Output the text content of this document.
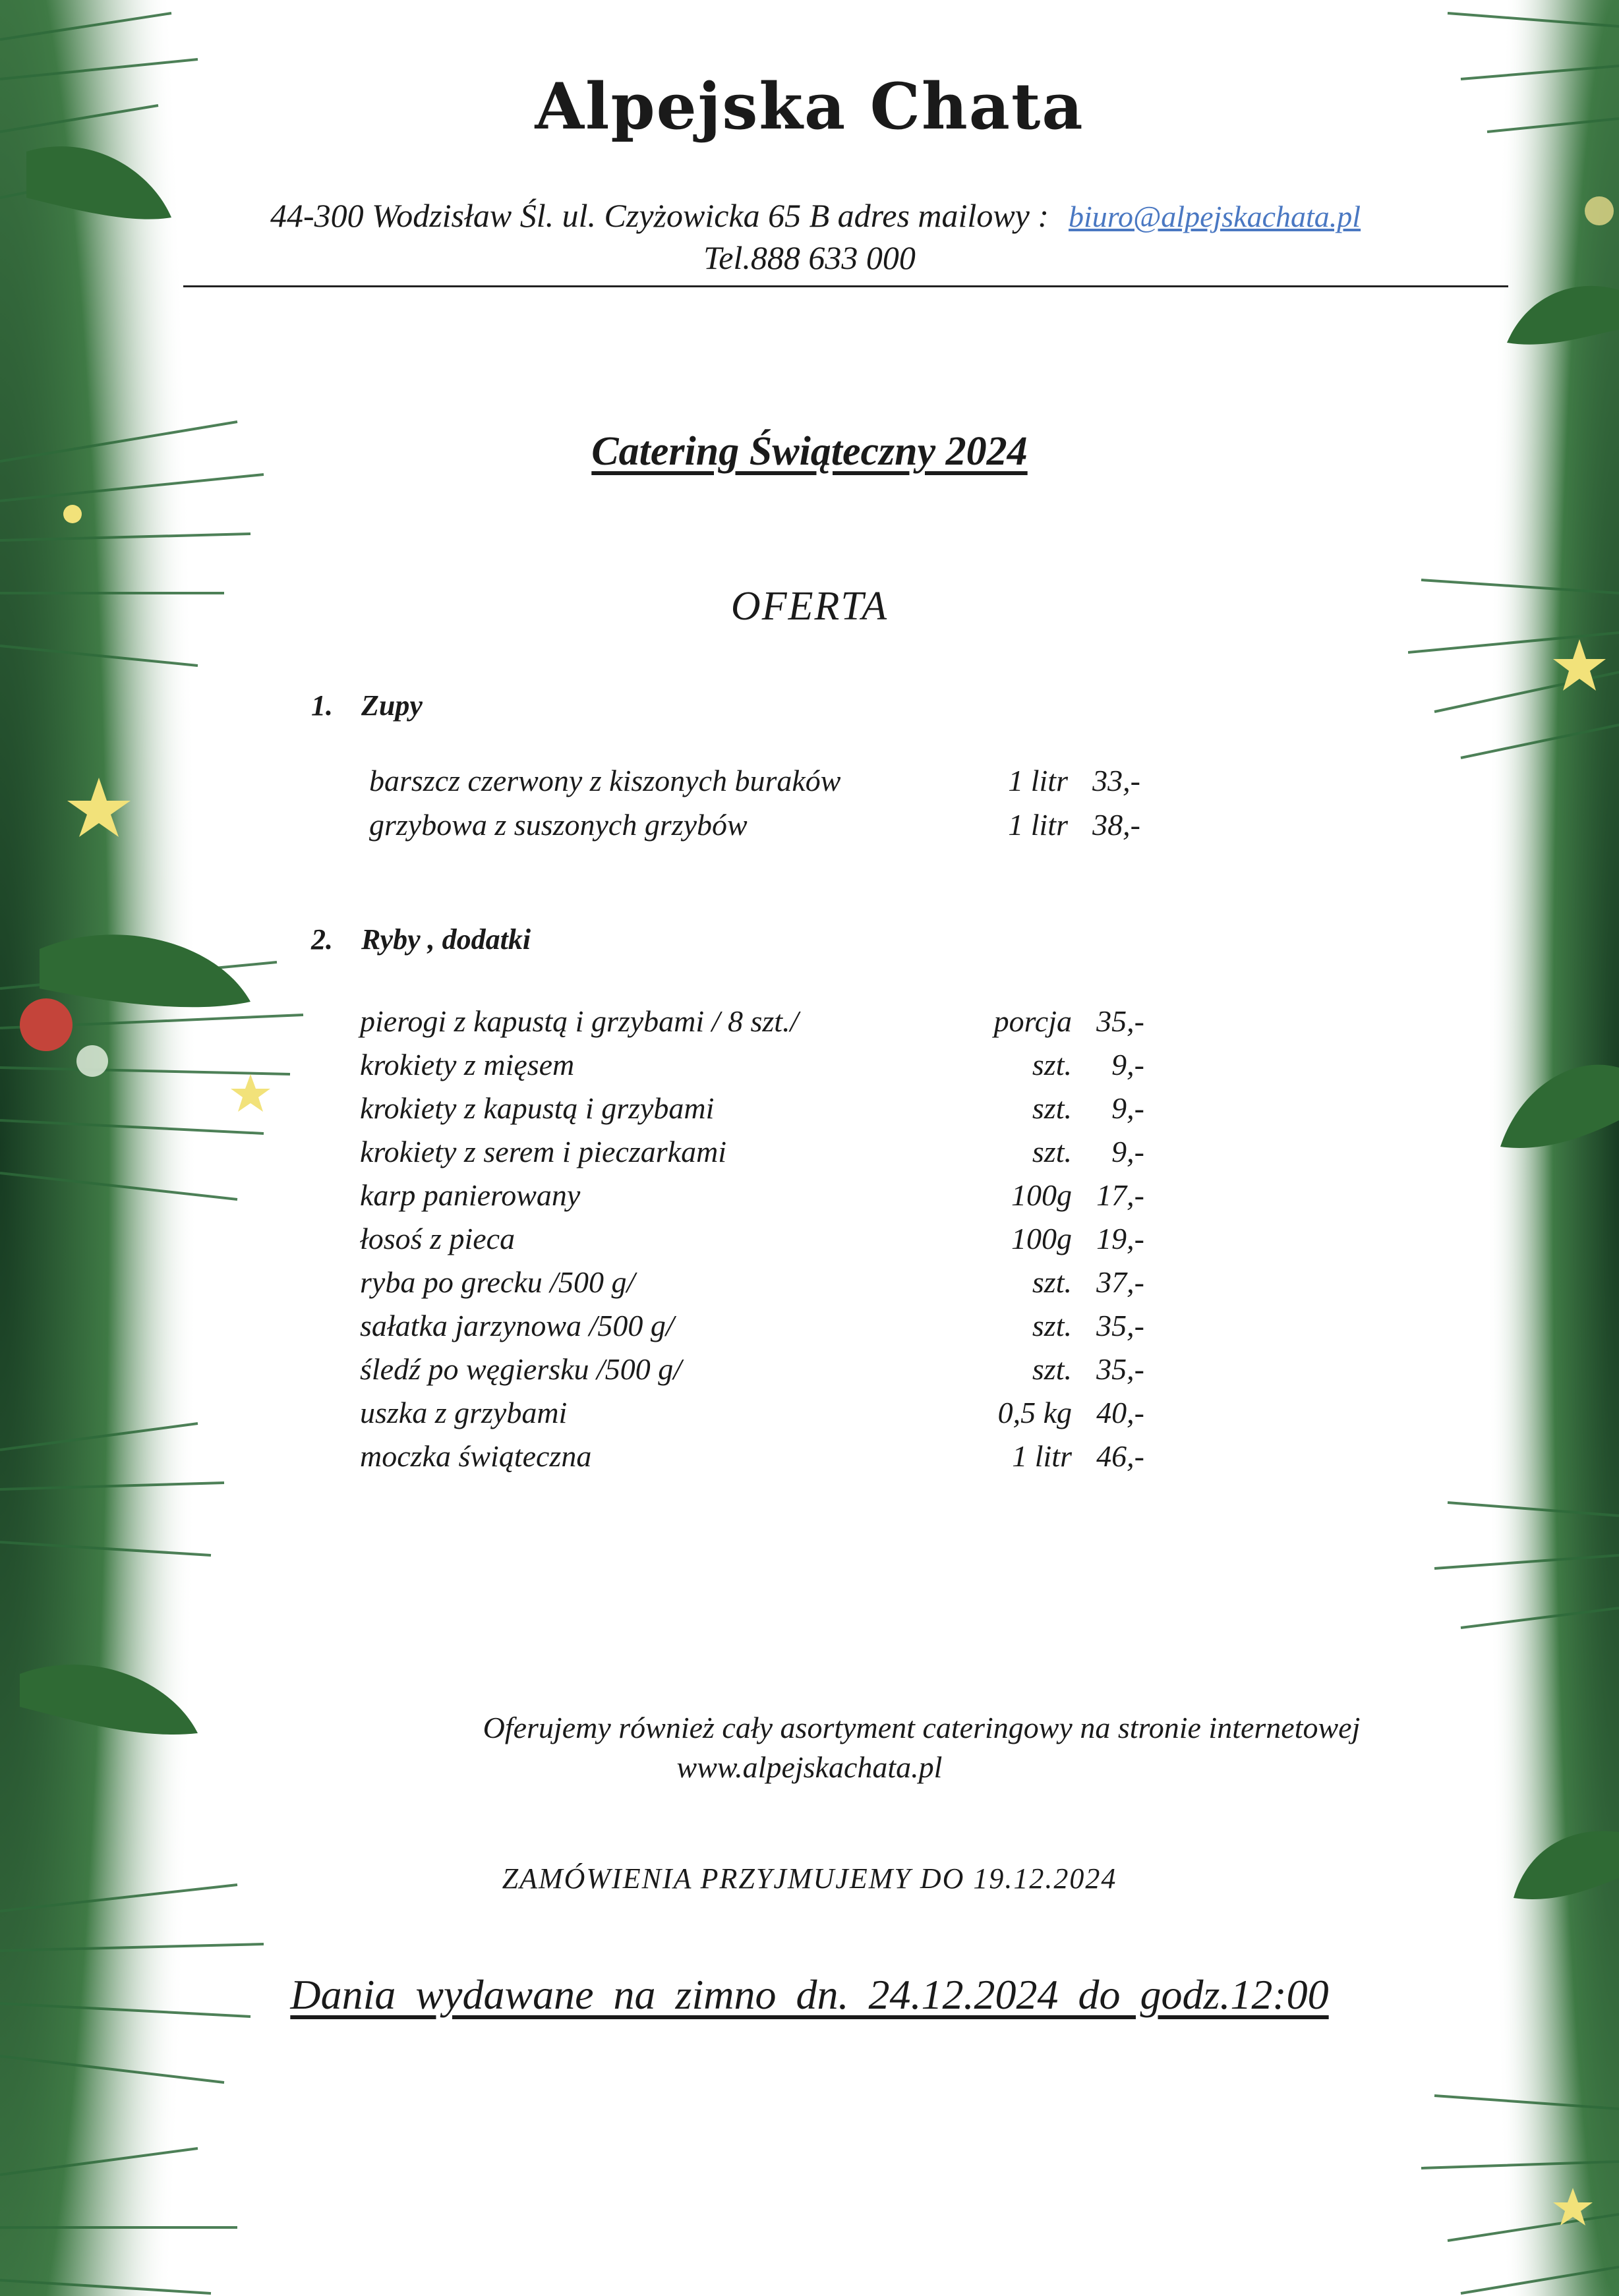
Alpejska Chata
44-300 Wodzisław Śl. ul. Czyżowicka 65 B adres mailowy : biuro@alpejskachata.pl
Tel.888 633 000
Catering Świąteczny 2024
OFERTA
1. Zupy
barszcz czerwony z kiszonych buraków	1 litr 33,-
grzybowa z suszonych grzybów	1 litr 38,-
2. Ryby , dodatki
pierogi z kapustą i grzybami / 8 szt./	porcja 35,-
krokiety z mięsem	szt.	9,-
krokiety z kapustą i grzybami	szt.	9,-
krokiety z serem i pieczarkami	szt.	9,-
karp panierowany	100g 17,-
łosoś z pieca	100g 19,-
ryba po grecku /500 g/	szt. 37,-
sałatka jarzynowa /500 g/	szt. 35,-
śledź po węgiersku /500 g/	szt. 35,-
uszka z grzybami	0,5 kg 40,-
moczka świąteczna	1 litr 46,-
Oferujemy również cały asortyment cateringowy na stronie internetowej
www.alpejskachata.pl
ZAMÓWIENIA PRZYJMUJEMY DO 19.12.2024
Dania wydawane na zimno dn. 24.12.2024 do godz.12:00
